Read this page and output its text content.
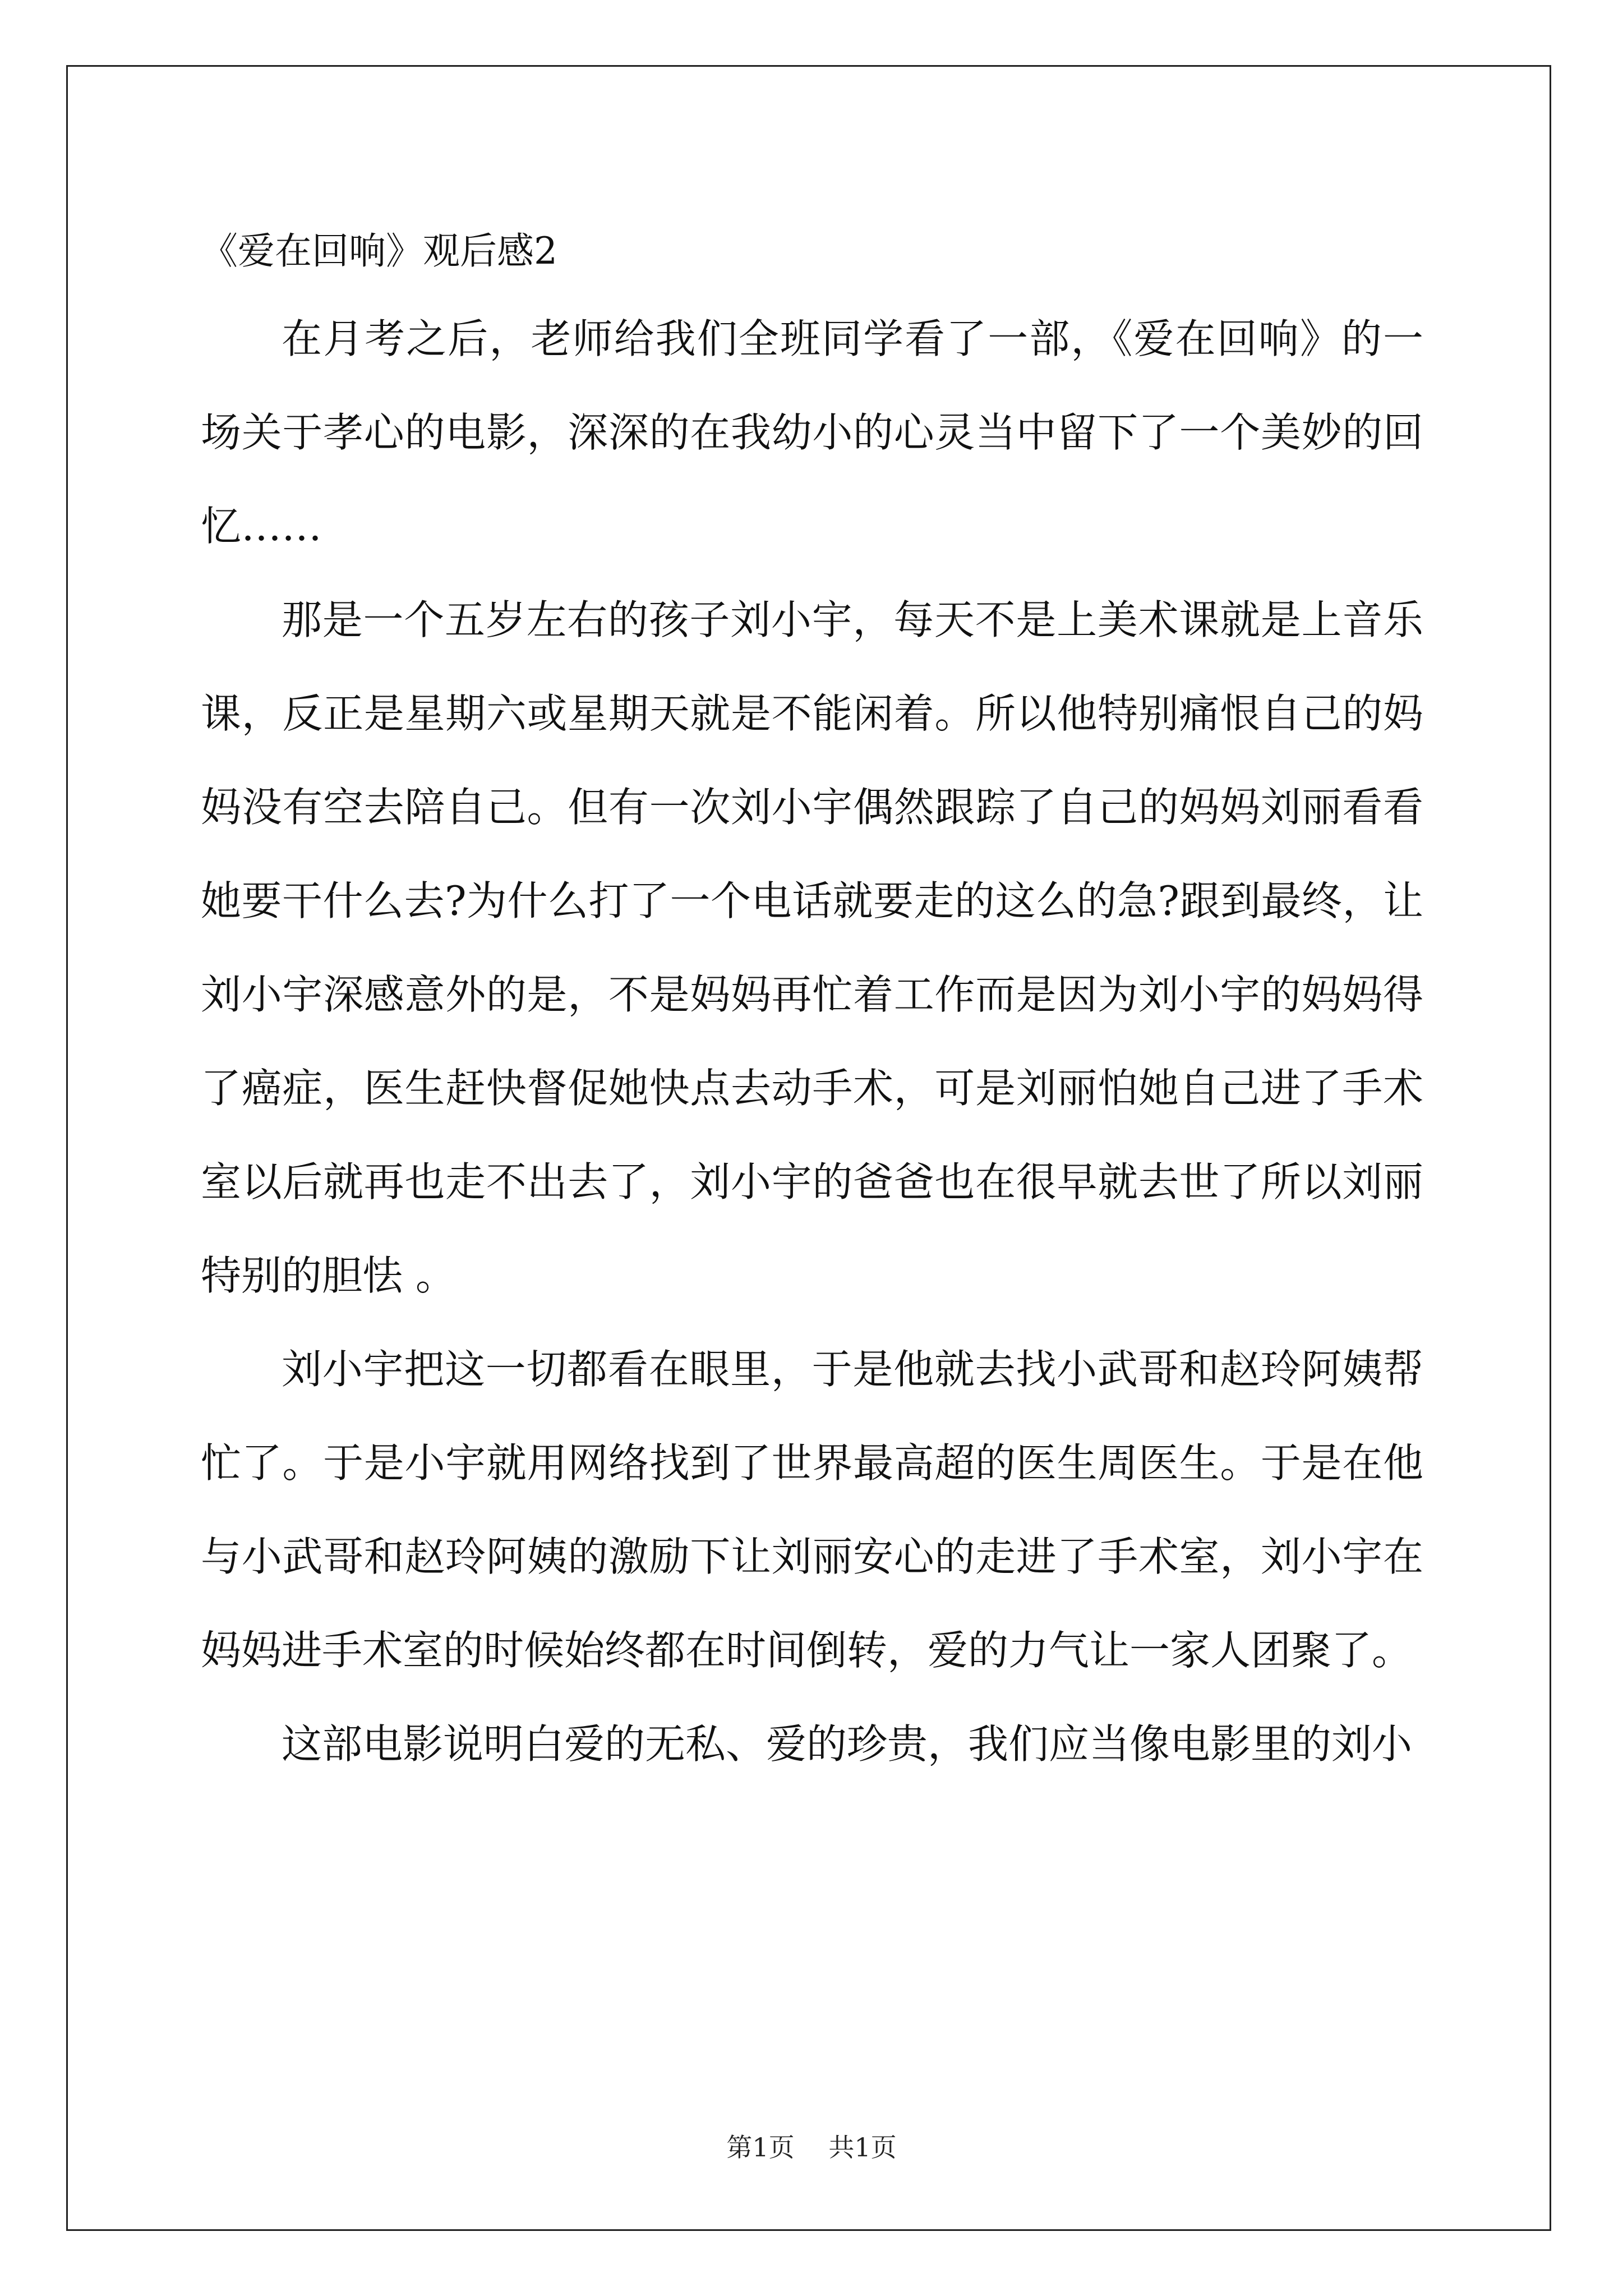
《爱在回响》观后感2

在月考之后，老师给我们全班同学看了一部，《爱在回响》的一场关于孝心的电影，深深的在我幼小的心灵当中留下了一个美妙的回忆……

那是一个五岁左右的孩子刘小宇，每天不是上美术课就是上音乐课，反正是星期六或星期天就是不能闲着。所以他特别痛恨自己的妈妈没有空去陪自己。但有一次刘小宇偶然跟踪了自己的妈妈刘丽看看她要干什么去?为什么打了一个电话就要走的这么的急?跟到最终，让刘小宇深感意外的是，不是妈妈再忙着工作而是因为刘小宇的妈妈得了癌症，医生赶快督促她快点去动手术，可是刘丽怕她自己进了手术室以后就再也走不出去了，刘小宇的爸爸也在很早就去世了所以刘丽特别的胆怯 。

刘小宇把这一切都看在眼里，于是他就去找小武哥和赵玲阿姨帮忙了。于是小宇就用网络找到了世界最高超的医生周医生。于是在他与小武哥和赵玲阿姨的激励下让刘丽安心的走进了手术室，刘小宇在妈妈进手术室的时候始终都在时间倒转，爱的力气让一家人团聚了。

这部电影说明白爱的无私、爱的珍贵，我们应当像电影里的刘小

第1页 共1页
